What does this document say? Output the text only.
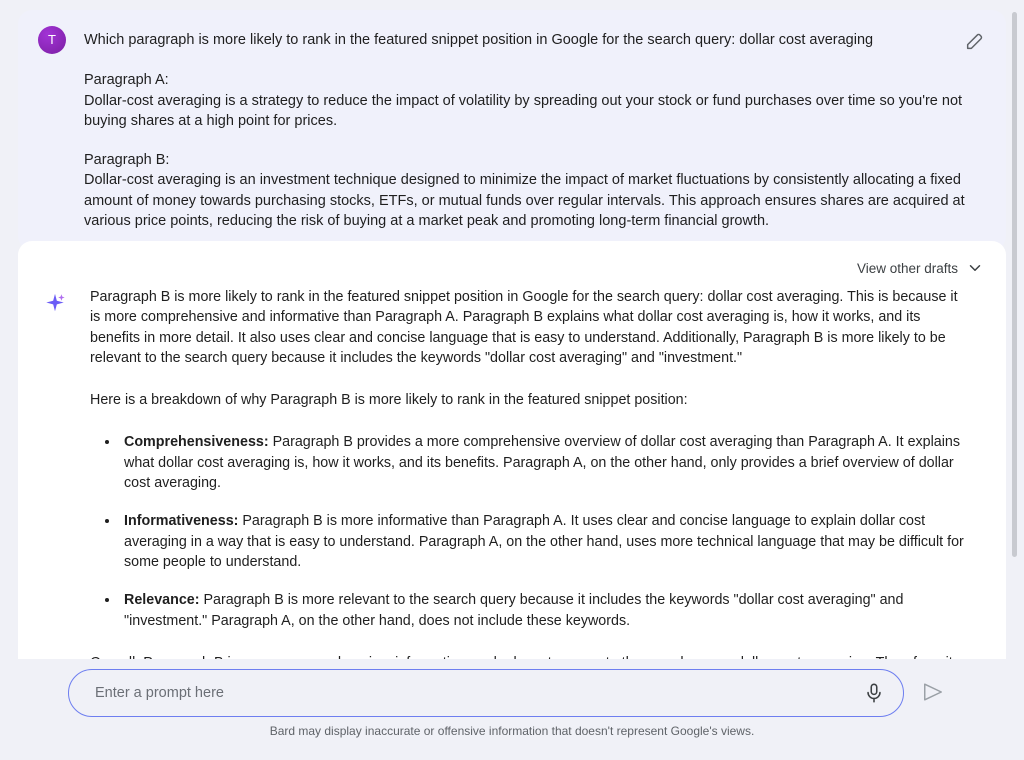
T	Which paragraph is more likely to rank in the featured snippet position in Google for the search query: dollar cost averaging

Paragraph A:
Dollar-cost averaging is a strategy to reduce the impact of volatility by spreading out your stock or fund purchases over time so you're not buying shares at a high point for prices.

Paragraph B:
Dollar-cost averaging is an investment technique designed to minimize the impact of market fluctuations by consistently allocating a fixed amount of money towards purchasing stocks, ETFs, or mutual funds over regular intervals. This approach ensures shares are acquired at various price points, reducing the risk of buying at a market peak and promoting long-term financial growth.

View other drafts

Paragraph B is more likely to rank in the featured snippet position in Google for the search query: dollar cost averaging. This is because it is more comprehensive and informative than Paragraph A. Paragraph B explains what dollar cost averaging is, how it works, and its benefits in more detail. It also uses clear and concise language that is easy to understand. Additionally, Paragraph B is more likely to be relevant to the search query because it includes the keywords "dollar cost averaging" and "investment."

Here is a breakdown of why Paragraph B is more likely to rank in the featured snippet position:

• Comprehensiveness: Paragraph B provides a more comprehensive overview of dollar cost averaging than Paragraph A. It explains what dollar cost averaging is, how it works, and its benefits. Paragraph A, on the other hand, only provides a brief overview of dollar cost averaging.
• Informativeness: Paragraph B is more informative than Paragraph A. It uses clear and concise language to explain dollar cost averaging in a way that is easy to understand. Paragraph A, on the other hand, uses more technical language that may be difficult for some people to understand.
• Relevance: Paragraph B is more relevant to the search query because it includes the keywords "dollar cost averaging" and "investment." Paragraph A, on the other hand, does not include these keywords.

Enter a prompt here
Bard may display inaccurate or offensive information that doesn't represent Google's views.
